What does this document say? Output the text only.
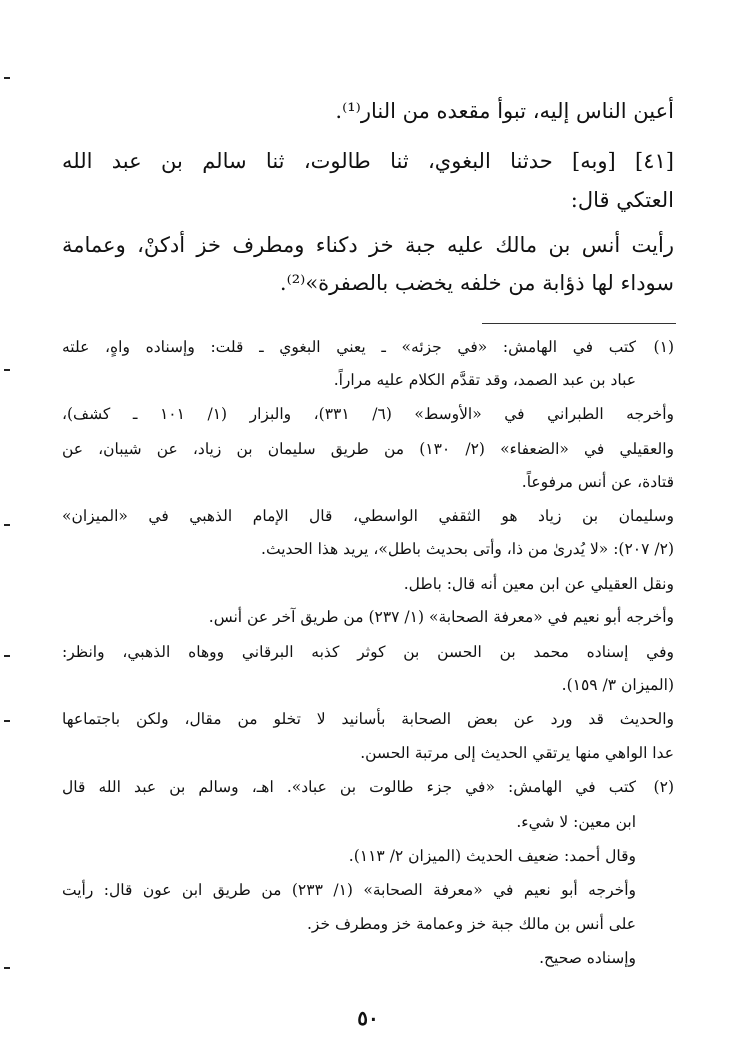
أعين الناس إليه، تبوأ مقعده من النار⁽¹⁾.
[٤١] [وبه] حدثنا البغوي، ثنا طالوت، ثنا سالم بن عبد الله
العتكي قال:
رأيت أنس بن مالك عليه جبة خز دكناء ومطرف خز أدكنْ، وعمامة
سوداء لها ذؤابة من خلفه يخضب بالصفرة»⁽²⁾.
(١)
كتب في الهامش: «في جزئه» ـ يعني البغوي ـ قلت: وإسناده واهٍ، علته
عباد بن عبد الصمد، وقد تقدَّم الكلام عليه مراراً.
وأخرجه الطبراني في «الأوسط» (٦/ ٣٣١)، والبزار (١/ ١٠١ ـ كشف)،
والعقيلي في «الضعفاء» (٢/ ١٣٠) من طريق سليمان بن زياد، عن شيبان، عن
قتادة، عن أنس مرفوعاً.
وسليمان بن زياد هو الثقفي الواسطي، قال الإمام الذهبي في «الميزان»
(٢/ ٢٠٧): «لا يُدرىٰ من ذا، وأتى بحديث باطل»، يريد هذا الحديث.
ونقل العقيلي عن ابن معين أنه قال: باطل.
وأخرجه أبو نعيم في «معرفة الصحابة» (١/ ٢٣٧) من طريق آخر عن أنس.
وفي إسناده محمد بن الحسن بن كوثر كذبه البرقاني ووهاه الذهبي، وانظر:
(الميزان ٣/ ١٥٩).
والحديث قد ورد عن بعض الصحابة بأسانيد لا تخلو من مقال، ولكن باجتماعها
عدا الواهي منها يرتقي الحديث إلى مرتبة الحسن.
(٢)
كتب في الهامش: «في جزء طالوت بن عباد». اهـ، وسالم بن عبد الله قال
ابن معين: لا شيء.
وقال أحمد: ضعيف الحديث (الميزان ٢/ ١١٣).
وأخرجه أبو نعيم في «معرفة الصحابة» (١/ ٢٣٣) من طريق ابن عون قال: رأيت
على أنس بن مالك جبة خز وعمامة خز ومطرف خز.
وإسناده صحيح.
٥٠
